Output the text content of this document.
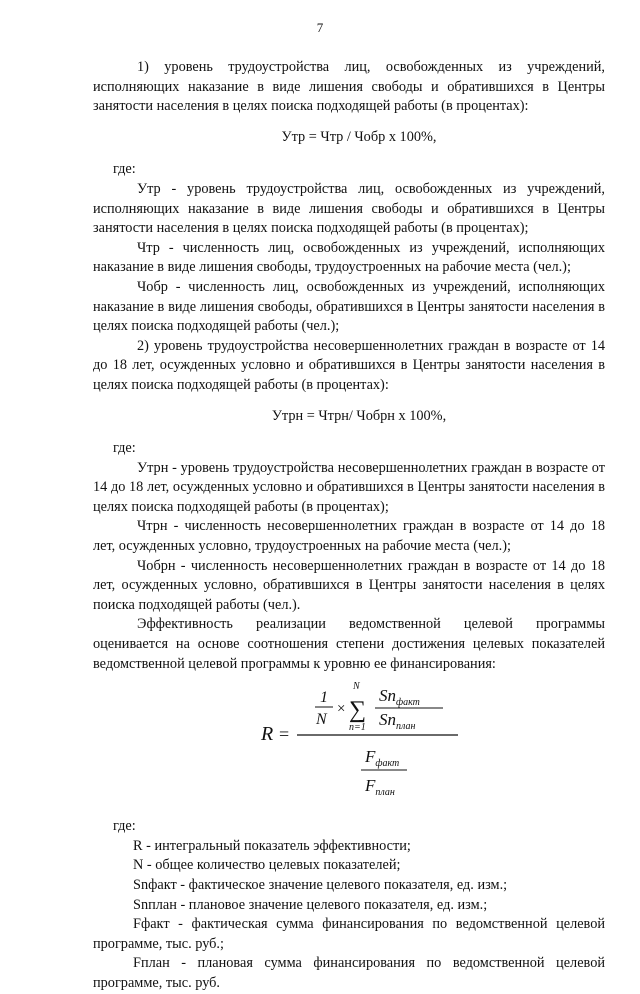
7

1) уровень трудоустройства лиц, освобожденных из учреждений, исполняющих наказание в виде лишения свободы и обратившихся в Центры занятости населения в целях поиска подходящей работы (в процентах):

Утр = Чтр / Чобр х 100%,

где:

Утр - уровень трудоустройства лиц, освобожденных из учреждений, исполняющих наказание в виде лишения свободы и обратившихся в Центры занятости населения в целях поиска подходящей работы (в процентах);

Чтр - численность лиц, освобожденных из учреждений, исполняющих наказание в виде лишения свободы, трудоустроенных на рабочие места (чел.);

Чобр - численность лиц, освобожденных из учреждений, исполняющих наказание в виде лишения свободы, обратившихся в Центры занятости населения в целях поиска подходящей работы (чел.);

2) уровень трудоустройства несовершеннолетних граждан в возрасте от 14 до 18 лет, осужденных условно и обратившихся в Центры занятости населения в целях поиска подходящей работы (в процентах):

Утрн = Чтрн/ Чобрн х 100%,

где:

Утрн - уровень трудоустройства несовершеннолетних граждан в возрасте от 14 до 18 лет, осужденных условно и обратившихся в Центры занятости населения в целях поиска подходящей работы (в процентах);

Чтрн - численность несовершеннолетних граждан в возрасте от 14 до 18 лет, осужденных условно, трудоустроенных на рабочие места (чел.);

Чобрн - численность несовершеннолетних граждан в возрасте от 14 до 18 лет, осужденных условно, обратившихся в Центры занятости населения в целях поиска подходящей работы (чел.).

Эффективность реализации ведомственной целевой программы оценивается на основе соотношения степени достижения целевых показателей ведомственной целевой программы к уровню ее финансирования:

R =
1
N
×
N
∑
n=1
$Sn_{факт}$
$Sn_{план}$
$F_{факт}$
$F_{план}$

где:

R - интегральный показатель эффективности;

N - общее количество целевых показателей;

Snфакт - фактическое значение целевого показателя, ед. изм.;

Snплан - плановое значение целевого показателя, ед. изм.;

Fфакт - фактическая сумма финансирования по ведомственной целевой программе, тыс. руб.;

Fплан - плановая сумма финансирования по ведомственной целевой программе, тыс. руб.
